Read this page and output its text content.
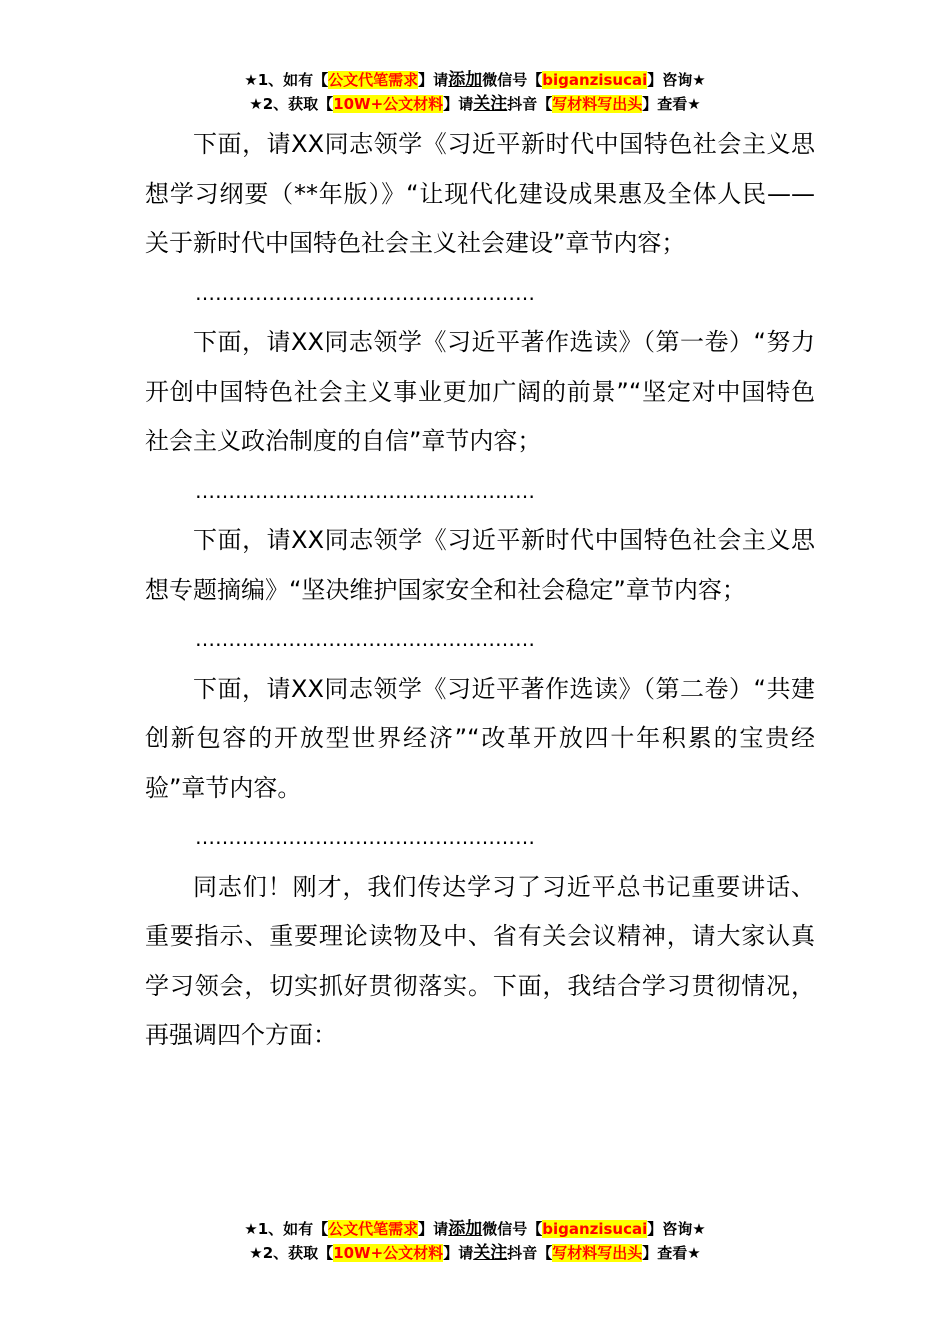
★1、如有【公文代笔需求】请添加微信号【biganzisucai】咨询★
★2、获取【10W+公文材料】请关注抖音【写材料写出头】查看★

下面，请XX同志领学《习近平新时代中国特色社会主义思想学习纲要（**年版）》“让现代化建设成果惠及全体人民——关于新时代中国特色社会主义社会建设”章节内容；

……………………………………………

下面，请XX同志领学《习近平著作选读》（第一卷）“努力开创中国特色社会主义事业更加广阔的前景”“坚定对中国特色社会主义政治制度的自信”章节内容；

……………………………………………

下面，请XX同志领学《习近平新时代中国特色社会主义思想专题摘编》“坚决维护国家安全和社会稳定”章节内容；

……………………………………………

下面，请XX同志领学《习近平著作选读》（第二卷）“共建创新包容的开放型世界经济”“改革开放四十年积累的宝贵经验”章节内容。

……………………………………………

同志们！刚才，我们传达学习了习近平总书记重要讲话、重要指示、重要理论读物及中、省有关会议精神，请大家认真学习领会，切实抓好贯彻落实。下面，我结合学习贯彻情况，再强调四个方面：

★1、如有【公文代笔需求】请添加微信号【biganzisucai】咨询★
★2、获取【10W+公文材料】请关注抖音【写材料写出头】查看★
